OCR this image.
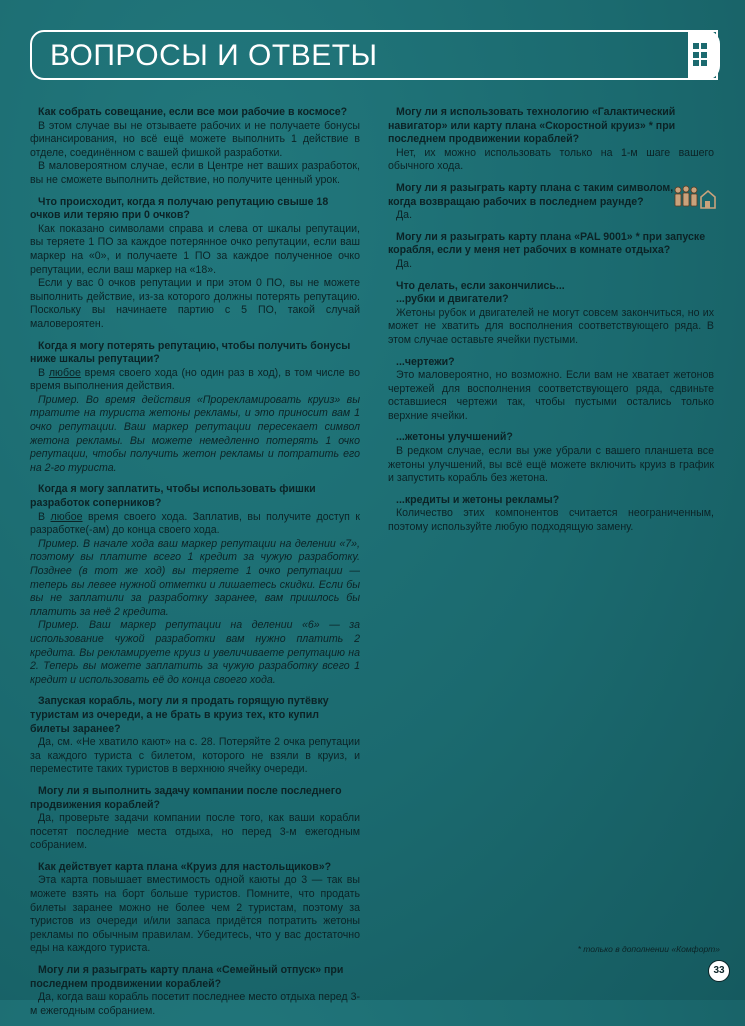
ВОПРОСЫ И ОТВЕТЫ
Как собрать совещание, если все мои рабочие в космосе?
В этом случае вы не отзываете рабочих и не получаете бонусы финансирования, но всё ещё можете выполнить 1 действие в отделе, соединённом с вашей фишкой разработки.
В маловероятном случае, если в Центре нет ваших разработок, вы не сможете выполнить действие, но получите ценный урок.
Что происходит, когда я получаю репутацию свыше 18 очков или теряю при 0 очков?
Как показано символами справа и слева от шкалы репутации, вы теряете 1 ПО за каждое потерянное очко репутации, если ваш маркер на «0», и получаете 1 ПО за каждое полученное очко репутации, если ваш маркер на «18».
Если у вас 0 очков репутации и при этом 0 ПО, вы не можете выполнить действие, из-за которого должны потерять репутацию. Поскольку вы начинаете партию с 5 ПО, такой случай маловероятен.
Когда я могу потерять репутацию, чтобы получить бонусы ниже шкалы репутации?
В любое время своего хода (но один раз в ход), в том числе во время выполнения действия.
Пример. Во время действия «Прорекламировать круиз» вы тратите на туриста жетоны рекламы, и это приносит вам 1 очко репутации. Ваш маркер репутации пересекает символ жетона рекламы. Вы можете немедленно потерять 1 очко репутации, чтобы получить жетон рекламы и потратить его на 2-го туриста.
Когда я могу заплатить, чтобы использовать фишки разработок соперников?
В любое время своего хода. Заплатив, вы получите доступ к разработке(-ам) до конца своего хода.
Пример. В начале хода ваш маркер репутации на делении «7», поэтому вы платите всего 1 кредит за чужую разработку. Позднее (в тот же ход) вы теряете 1 очко репутации — теперь вы левее нужной отметки и лишаетесь скидки. Если бы вы не заплатили за разработку заранее, вам пришлось бы платить за неё 2 кредита.
Пример. Ваш маркер репутации на делении «6» — за использование чужой разработки вам нужно платить 2 кредита. Вы рекламируете круиз и увеличиваете репутацию на 2. Теперь вы можете заплатить за чужую разработку всего 1 кредит и использовать её до конца своего хода.
Запуская корабль, могу ли я продать горящую путёвку туристам из очереди, а не брать в круиз тех, кто купил билеты заранее?
Да, см. «Не хватило кают» на с. 28. Потеряйте 2 очка репутации за каждого туриста с билетом, которого не взяли в круиз, и переместите таких туристов в верхнюю ячейку очереди.
Могу ли я выполнить задачу компании после последнего продвижения кораблей?
Да, проверьте задачи компании после того, как ваши корабли посетят последние места отдыха, но перед 3-м ежегодным собранием.
Как действует карта плана «Круиз для настольщиков»?
Эта карта повышает вместимость одной каюты до 3 — так вы можете взять на борт больше туристов. Помните, что продать билеты заранее можно не более чем 2 туристам, поэтому за туристов из очереди и/или запаса придётся потратить жетоны рекламы по обычным правилам. Убедитесь, что у вас достаточно еды на каждого туриста.
Могу ли я разыграть карту плана «Семейный отпуск» при последнем продвижении кораблей?
Да, когда ваш корабль посетит последнее место отдыха перед 3-м ежегодным собранием.
Могу ли я использовать технологию «Галактический навигатор» или карту плана «Скоростной круиз» * при последнем продвижении кораблей?
Нет, их можно использовать только на 1-м шаге вашего обычного хода.
Могу ли я разыграть карту плана с таким символом, когда возвращаю рабочих в последнем раунде?
Да.
Могу ли я разыграть карту плана «PAL 9001» * при запуске корабля, если у меня нет рабочих в комнате отдыха?
Да.
Что делать, если закончились...
...рубки и двигатели?
Жетоны рубок и двигателей не могут совсем закончиться, но их может не хватить для восполнения соответствующего ряда. В этом случае оставьте ячейки пустыми.
...чертежи?
Это маловероятно, но возможно. Если вам не хватает жетонов чертежей для восполнения соответствующего ряда, сдвиньте оставшиеся чертежи так, чтобы пустыми остались только верхние ячейки.
...жетоны улучшений?
В редком случае, если вы уже убрали с вашего планшета все жетоны улучшений, вы всё ещё можете включить круиз в график и запустить корабль без жетона.
...кредиты и жетоны рекламы?
Количество этих компонентов считается неограниченным, поэтому используйте любую подходящую замену.
* только в дополнении «Комфорт»
33
